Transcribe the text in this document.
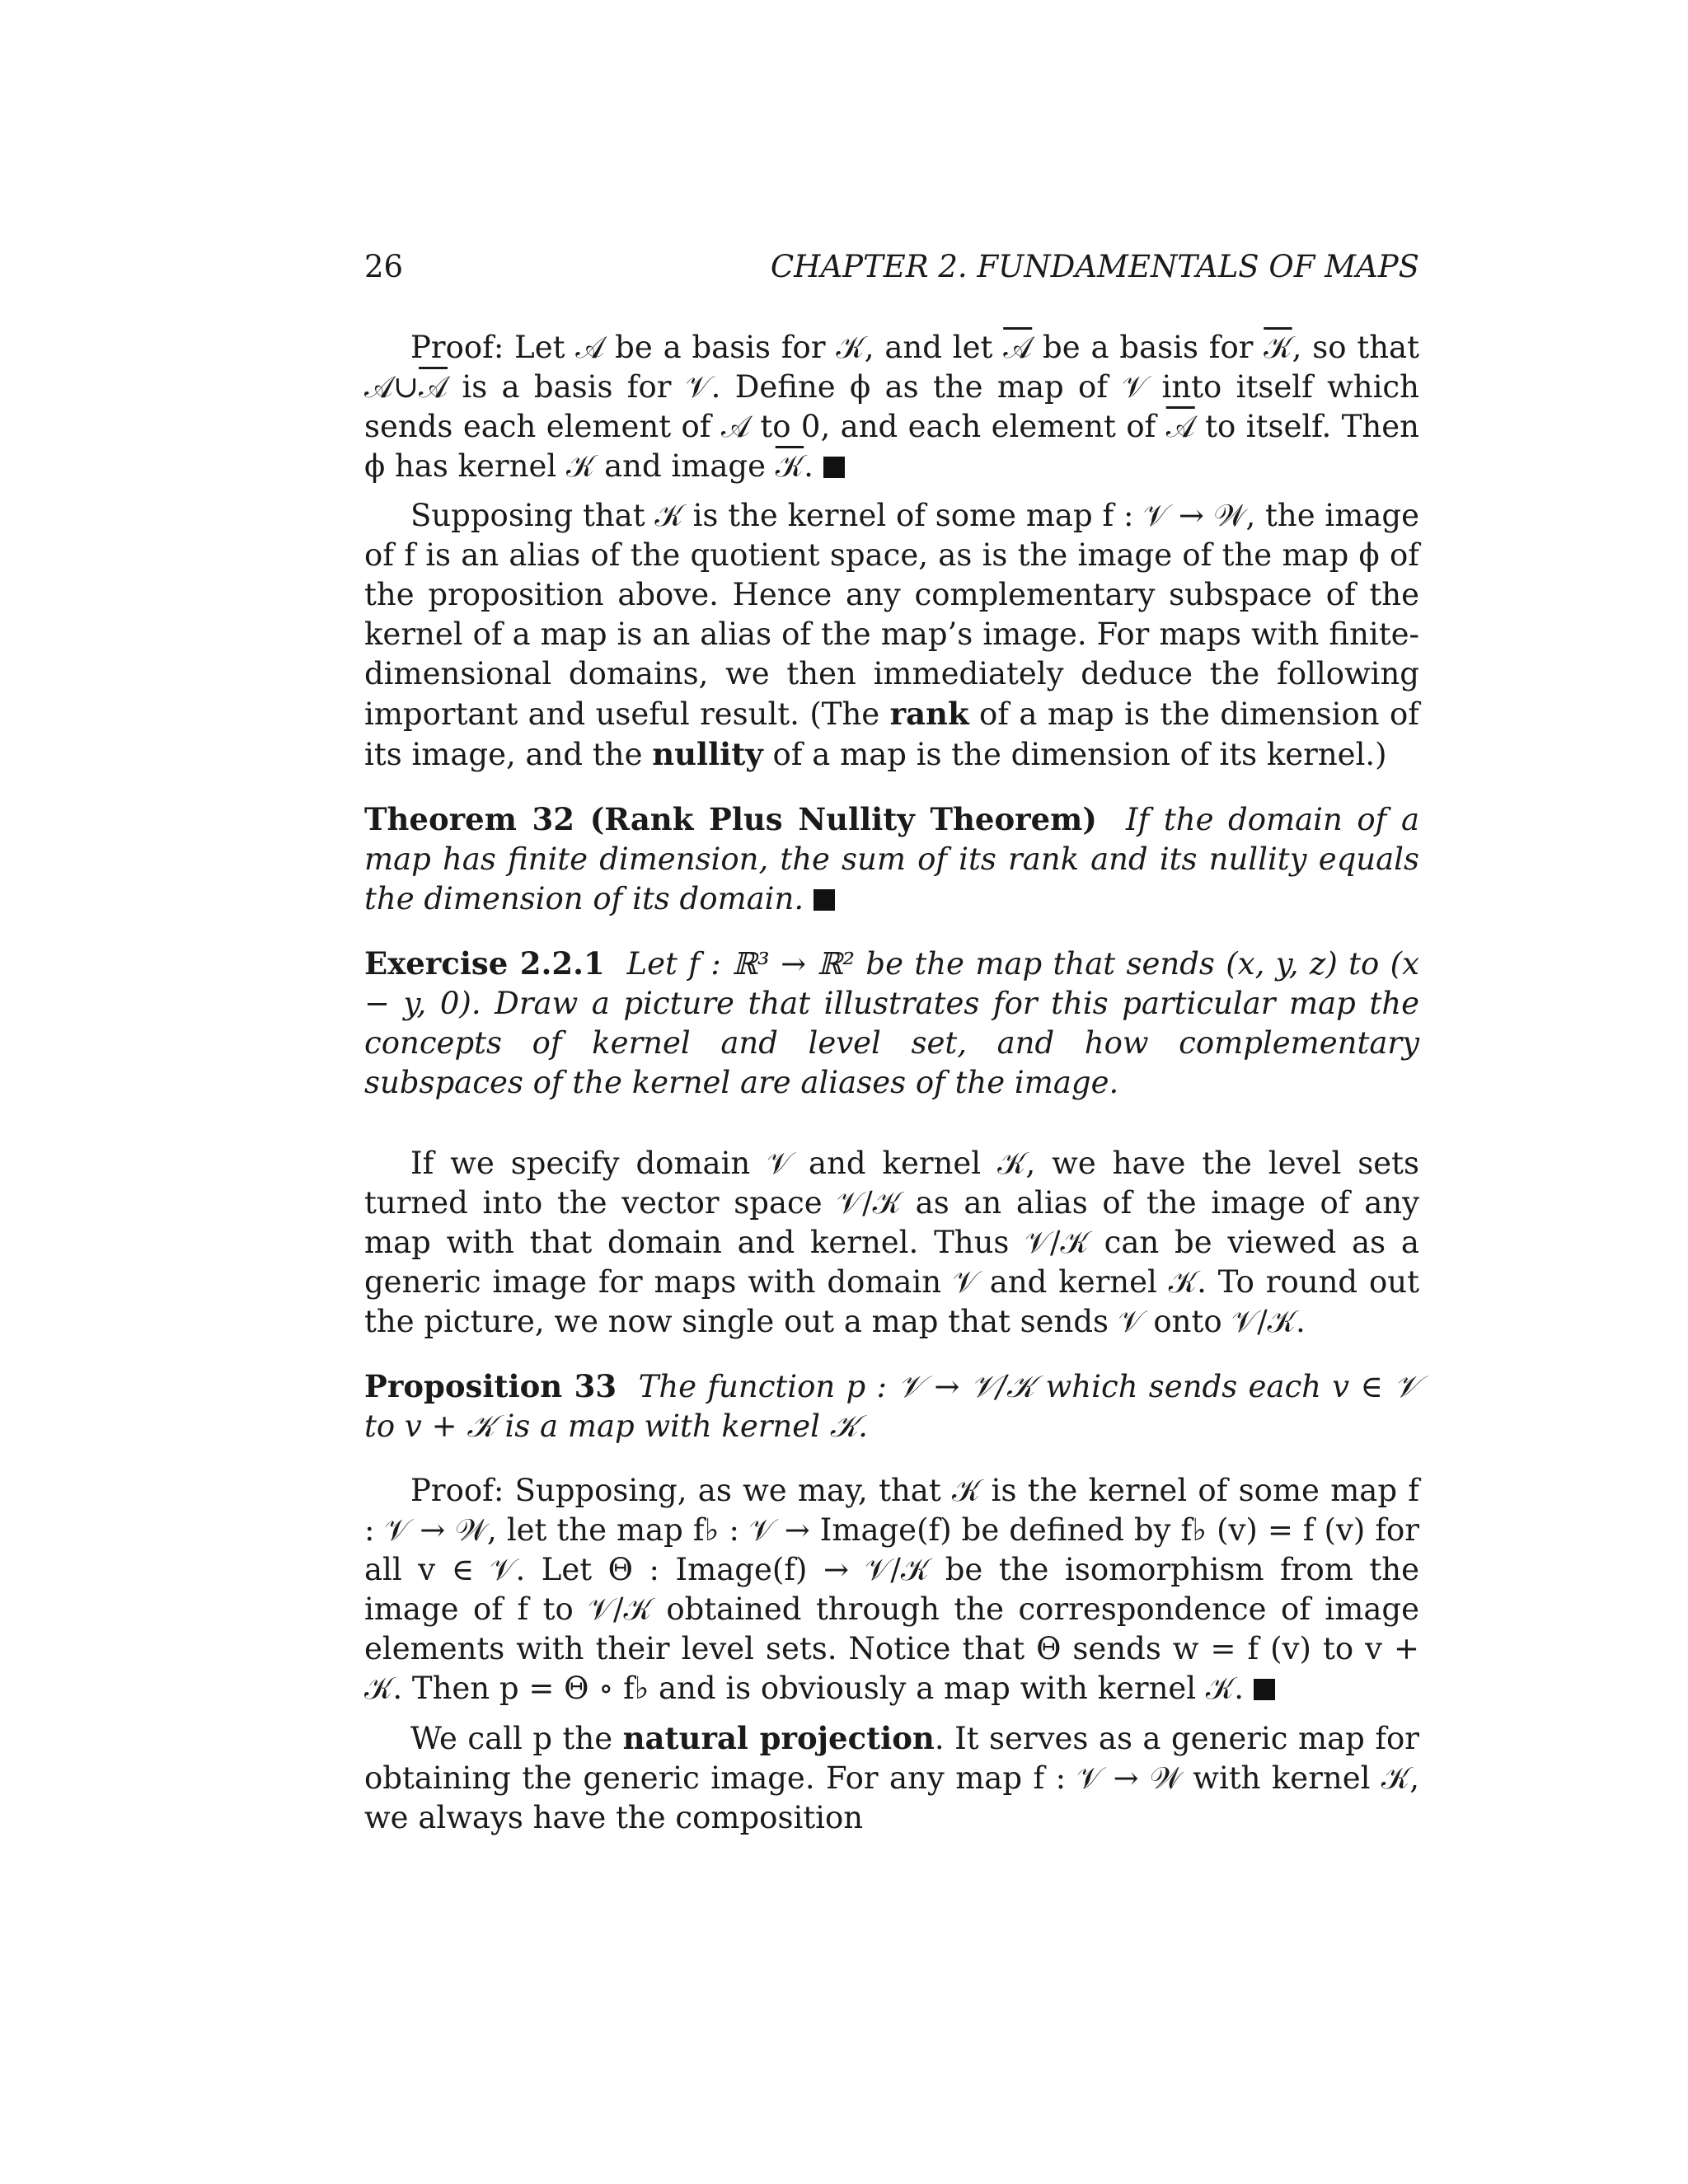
26	CHAPTER 2. FUNDAMENTALS OF MAPS

Proof: Let 𝒜 be a basis for 𝒦, and let 𝒜 be a basis for 𝒦, so that 𝒜∪𝒜 is a basis for 𝒱. Define ϕ as the map of 𝒱 into itself which sends each element of 𝒜 to 0, and each element of 𝒜 to itself. Then ϕ has kernel 𝒦 and image 𝒦.

Supposing that 𝒦 is the kernel of some map f : 𝒱 → 𝒲, the image of f is an alias of the quotient space, as is the image of the map ϕ of the proposition above. Hence any complementary subspace of the kernel of a map is an alias of the map’s image. For maps with finite-dimensional domains, we then immediately deduce the following important and useful result. (The rank of a map is the dimension of its image, and the nullity of a map is the dimension of its kernel.)

Theorem 32 (Rank Plus Nullity Theorem) If the domain of a map has finite dimension, the sum of its rank and its nullity equals the dimension of its domain.

Exercise 2.2.1 Let f : ℝ³ → ℝ² be the map that sends (x, y, z) to (x − y, 0). Draw a picture that illustrates for this particular map the concepts of kernel and level set, and how complementary subspaces of the kernel are aliases of the image.

If we specify domain 𝒱 and kernel 𝒦, we have the level sets turned into the vector space 𝒱/𝒦 as an alias of the image of any map with that domain and kernel. Thus 𝒱/𝒦 can be viewed as a generic image for maps with domain 𝒱 and kernel 𝒦. To round out the picture, we now single out a map that sends 𝒱 onto 𝒱/𝒦.

Proposition 33 The function p : 𝒱 → 𝒱/𝒦 which sends each v ∈ 𝒱 to v + 𝒦 is a map with kernel 𝒦.

Proof: Supposing, as we may, that 𝒦 is the kernel of some map f : 𝒱 → 𝒲, let the map f♭ : 𝒱 → Image(f) be defined by f♭ (v) = f (v) for all v ∈ 𝒱. Let Θ : Image(f) → 𝒱/𝒦 be the isomorphism from the image of f to 𝒱/𝒦 obtained through the correspondence of image elements with their level sets. Notice that Θ sends w = f (v) to v + 𝒦. Then p = Θ ∘ f♭ and is obviously a map with kernel 𝒦.

We call p the natural projection. It serves as a generic map for obtaining the generic image. For any map f : 𝒱 → 𝒲 with kernel 𝒦, we always have the composition
